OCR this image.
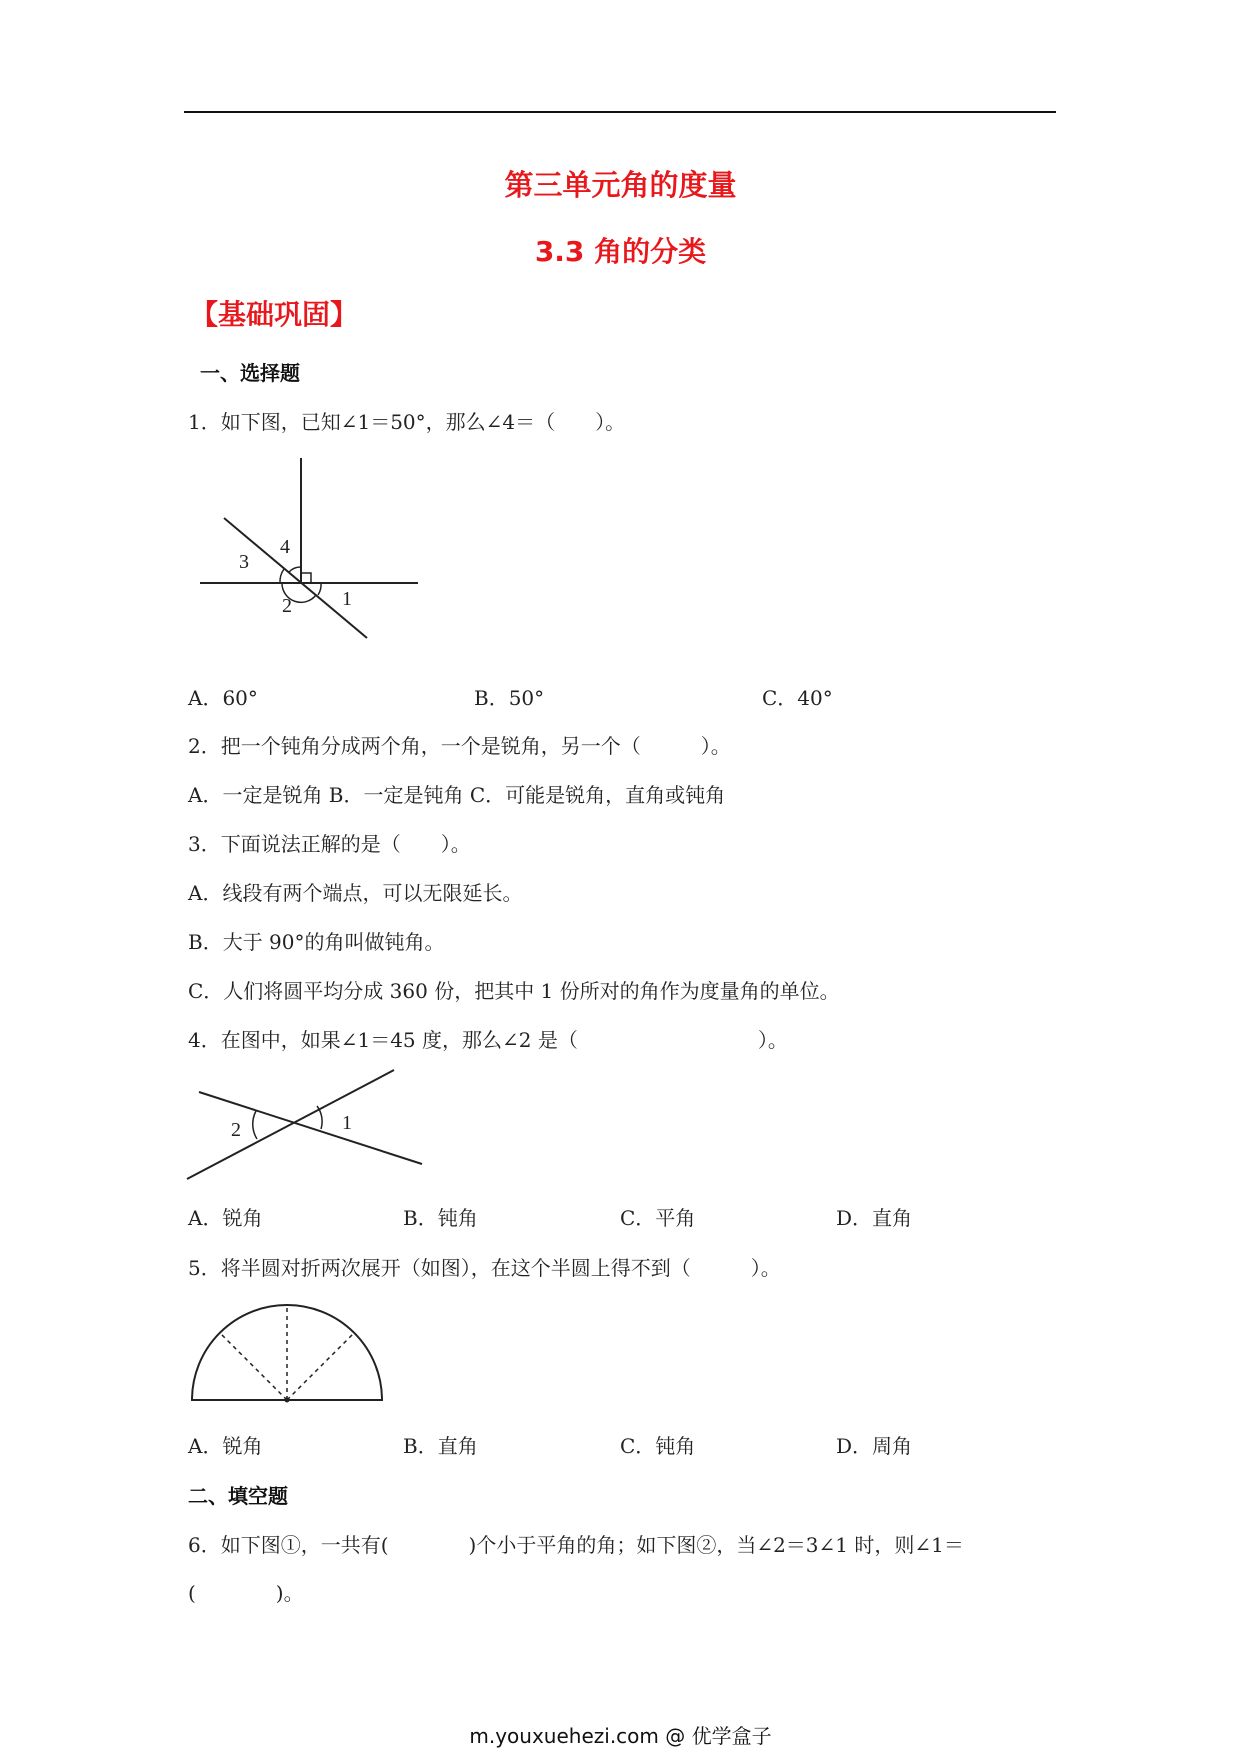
第三单元角的度量
3.3 角的分类
【基础巩固】
一、选择题
1．如下图，已知∠1＝50°，那么∠4＝（　　）。
3
4
2	1
A．60°	B．50°	C．40°
2．把一个钝角分成两个角，一个是锐角，另一个（　　　）。
A．一定是锐角 B．一定是钝角 C．可能是锐角，直角或钝角
3．下面说法正解的是（　　）。
A．线段有两个端点，可以无限延长。
B．大于 90°的角叫做钝角。
C．人们将圆平均分成 360 份，把其中 1 份所对的角作为度量角的单位。
4．在图中，如果∠1＝45 度，那么∠2 是（　　　　　　　　　）。
2	1
A．锐角	B．钝角	C．平角	D．直角
5．将半圆对折两次展开（如图），在这个半圆上得不到（　　　）。
A．锐角	B．直角	C．钝角	D．周角
二、填空题
6．如下图①，一共有(　　　　)个小于平角的角；如下图②，当∠2＝3∠1 时，则∠1＝
(　　　　)。
m.youxuehezi.com @ 优学盒子
